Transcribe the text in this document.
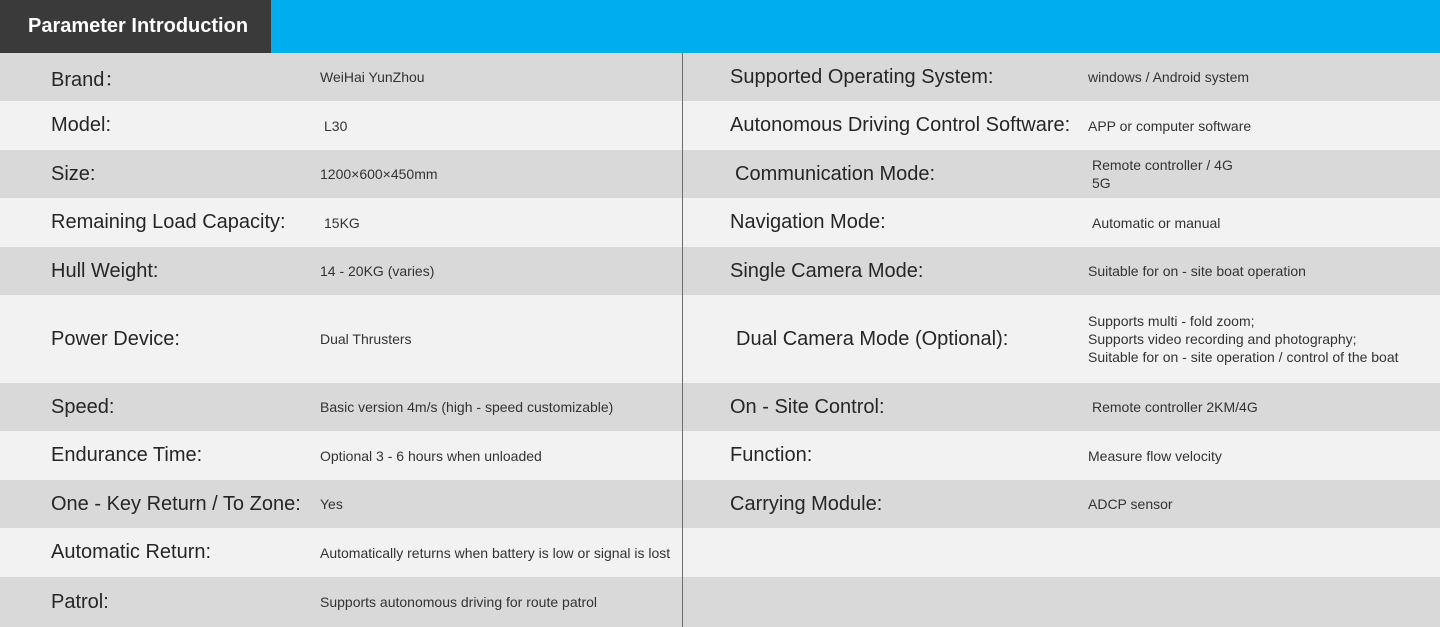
Parameter Introduction
Brand：	WeiHai YunZhou	Supported Operating System:	windows / Android system
Model:	L30	Autonomous Driving Control Software: APP or computer software
Size:	1200×600×450mm	Communication Mode:	Remote controller / 4G
5G
Remaining Load Capacity:	15KG	Navigation Mode:	Automatic or manual
Hull Weight:	14 - 20KG (varies)	Single Camera Mode:	Suitable for on - site boat operation
Power Device:	Dual Thrusters	Dual Camera Mode (Optional):
Supports multi - fold zoom;
Supports video recording and photography;
Suitable for on - site operation / control of the boat
Speed:	Basic version 4m/s (high - speed customizable)	On - Site Control:	Remote controller 2KM/4G
Endurance Time:	Optional 3 - 6 hours when unloaded	Function:	Measure flow velocity
One - Key Return / To Zone: Yes	Carrying Module:	ADCP sensor
Automatic Return:	Automatically returns when battery is low or signal is lost
Patrol:	Supports autonomous driving for route patrol
